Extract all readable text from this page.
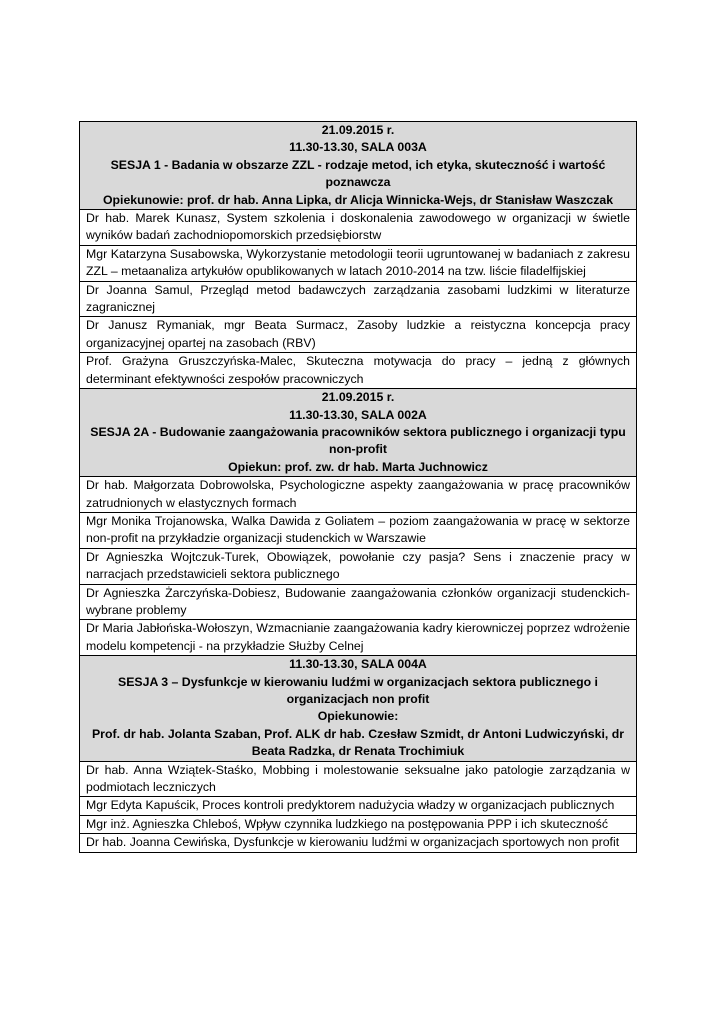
21.09.2015 r.
11.30-13.30, SALA 003A
SESJA 1 - Badania w obszarze ZZL - rodzaje metod, ich etyka, skuteczność i wartość poznawcza
Opiekunowie: prof. dr hab. Anna Lipka, dr Alicja Winnicka-Wejs, dr Stanisław Waszczak

Dr hab. Marek Kunasz, System szkolenia i doskonalenia zawodowego w organizacji w świetle wyników badań zachodniopomorskich przedsiębiorstw
Mgr Katarzyna Susabowska, Wykorzystanie metodologii teorii ugruntowanej w badaniach z zakresu ZZL – metaanaliza artykułów opublikowanych w latach 2010-2014 na tzw. liście filadelfijskiej
Dr Joanna Samul, Przegląd metod badawczych zarządzania zasobami ludzkimi w literaturze zagranicznej
Dr Janusz Rymaniak, mgr Beata Surmacz, Zasoby ludzkie a reistyczna koncepcja pracy organizacyjnej opartej na zasobach (RBV)
Prof. Grażyna Gruszczyńska-Malec, Skuteczna motywacja do pracy – jedną z głównych determinant efektywności zespołów pracowniczych

21.09.2015 r.
11.30-13.30, SALA 002A
SESJA 2A - Budowanie zaangażowania pracowników sektora publicznego i organizacji typu non-profit
Opiekun: prof. zw. dr hab. Marta Juchnowicz

Dr hab. Małgorzata Dobrowolska, Psychologiczne aspekty zaangażowania w pracę pracowników zatrudnionych w elastycznych formach
Mgr Monika Trojanowska, Walka Dawida z Goliatem – poziom zaangażowania w pracę w sektorze non-profit na przykładzie organizacji studenckich w Warszawie
Dr Agnieszka Wojtczuk-Turek, Obowiązek, powołanie czy pasja? Sens i znaczenie pracy w narracjach przedstawicieli sektora publicznego
Dr Agnieszka Żarczyńska-Dobiesz, Budowanie zaangażowania członków organizacji studenckich- wybrane problemy
Dr Maria Jabłońska-Wołoszyn, Wzmacnianie zaangażowania kadry kierowniczej poprzez wdrożenie modelu kompetencji - na przykładzie Służby Celnej

11.30-13.30, SALA 004A
SESJA 3 – Dysfunkcje w kierowaniu ludźmi w organizacjach sektora publicznego i organizacjach non profit
Opiekunowie:
Prof. dr hab. Jolanta Szaban, Prof. ALK dr hab. Czesław Szmidt, dr Antoni Ludwiczyński, dr Beata Radzka, dr Renata Trochimiuk

Dr hab. Anna Wziątek-Staśko, Mobbing i molestowanie seksualne jako patologie zarządzania w podmiotach leczniczych
Mgr Edyta Kapuścik, Proces kontroli predyktorem nadużycia władzy w organizacjach publicznych
Mgr inż. Agnieszka Chleboś, Wpływ czynnika ludzkiego na postępowania PPP i ich skuteczność
Dr hab. Joanna Cewińska, Dysfunkcje w kierowaniu ludźmi w organizacjach sportowych non profit
